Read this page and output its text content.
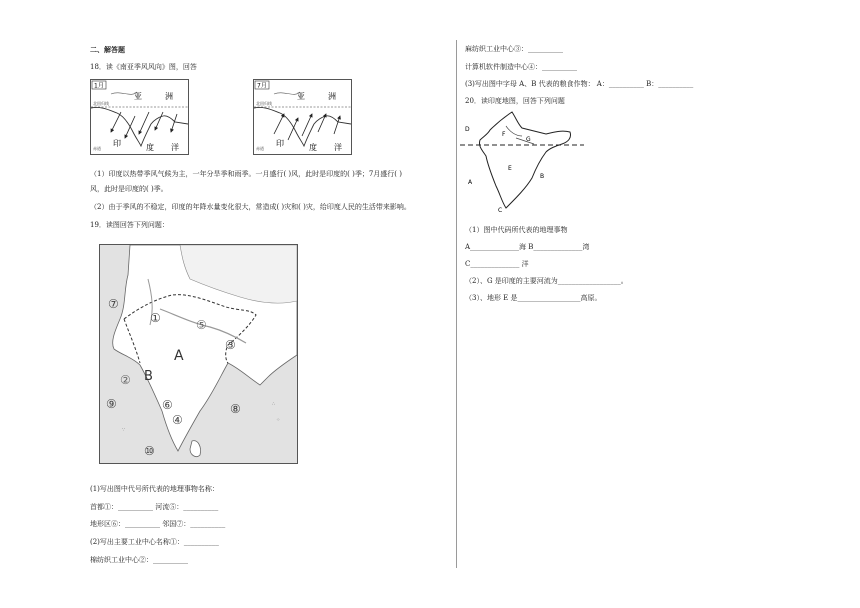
二、解答题
18．读《南亚季风风向》图，回答
1月
北回归线
赤道
亚	洲
印	度 洋
7月
北回归线
赤道
亚	洲
印	度 洋
（1）印度以热带季风气候为主，一年分旱季和雨季。一月盛行( )风，此时是印度的( )季；7月盛行( )
风，此时是印度的( )季。
（2）由于季风的不稳定，印度的年降水量变化很大，常造成( )灾和( )灾，给印度人民的生活带来影响。
19．读图回答下列问题：
∴
⁘
∵
⑦
①	⑤
③
A
② B
⑨	⑥
④
⑧
⑩
(1)写出图中代号所代表的地理事物名称：
首都①：__________ 河流⑤：__________
地形区⑥：__________ 邻国⑦：__________
(2)写出主要工业中心名称①：__________
棉纺织工业中心②：__________
麻纺织工业中心③：__________
计算机软件制造中心④：__________
(3)写出图中字母 A、B 代表的粮食作物： A：__________ B：__________
20．读印度地图，回答下列问题
D
F
G
E
B
A
C
（1）图中代码所代表的地理事物
A______________海 B______________湾
C______________ 洋
（2）、G 是印度的主要河流为__________________。
（3）、地形 E 是__________________高原。
